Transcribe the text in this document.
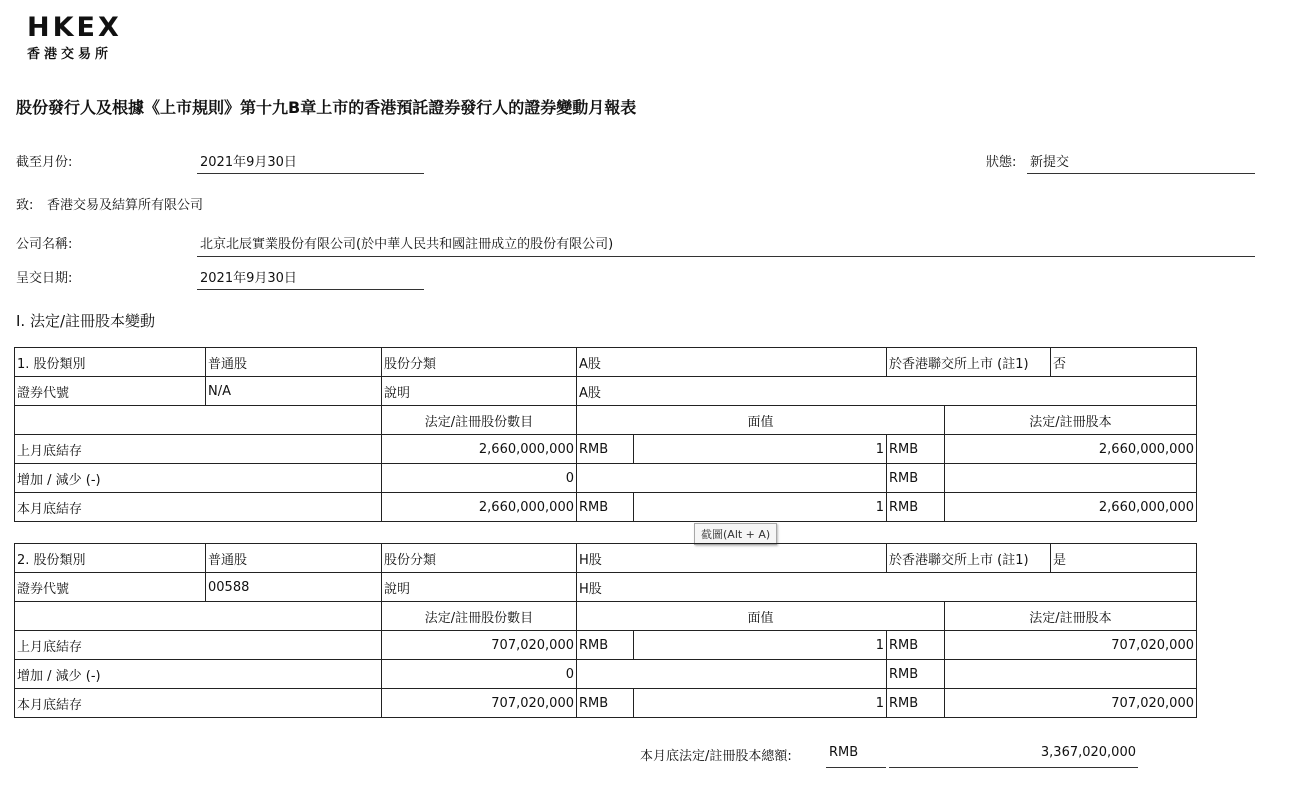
HKEX
香港交易所
股份發行人及根據《上市規則》第十九B章上市的香港預託證券發行人的證券變動月報表
截至月份:	2021年9月30日	狀態: 新提交
致: 香港交易及結算所有限公司
公司名稱:	北京北辰實業股份有限公司(於中華人民共和國註冊成立的股份有限公司)
呈交日期:	2021年9月30日
I. 法定/註冊股本變動
1. 股份類別	普通股	股份分類	A股		於香港聯交所上市 (註1)		否
證券代號	N/A	說明	A股				
		法定/註冊股份數目	面值			法定/註冊股本	
上月底結存		2,660,000,000	RMB	1	RMB	2,660,000,000	
增加 / 減少 (-)		0			RMB		
本月底結存		2,660,000,000	RMB	1	RMB	2,660,000,000	
截圖(Alt + A)
2. 股份類別	普通股	股份分類	H股		於香港聯交所上市 (註1)		是
證券代號	00588	說明	H股				
		法定/註冊股份數目	面值			法定/註冊股本	
上月底結存		707,020,000	RMB	1	RMB	707,020,000	
增加 / 減少 (-)		0			RMB		
本月底結存		707,020,000	RMB	1	RMB	707,020,000	
本月底法定/註冊股本總額:	RMB	3,367,020,000
